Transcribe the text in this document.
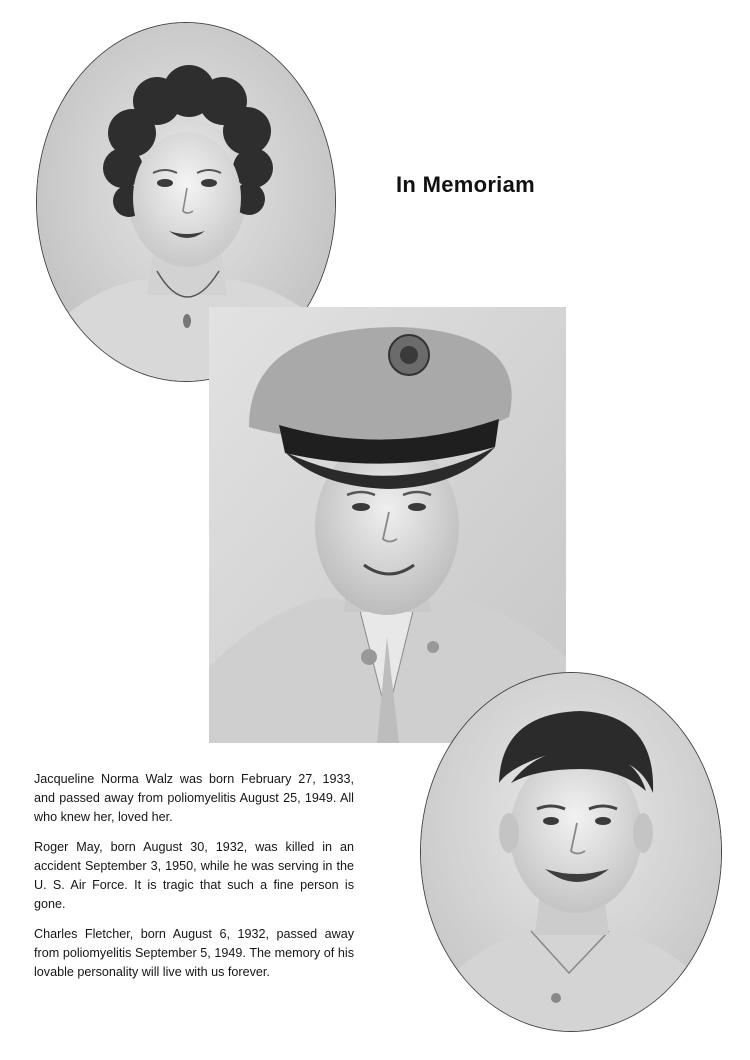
In Memoriam

Jacqueline Norma Walz was born February 27, 1933, and passed away from poliomyelitis August 25, 1949. All who knew her, loved her.

Roger May, born August 30, 1932, was killed in an accident September 3, 1950, while he was serving in the U. S. Air Force. It is tragic that such a fine person is gone.

Charles Fletcher, born August 6, 1932, passed away from poliomyelitis September 5, 1949. The memory of his lovable personality will live with us forever.
